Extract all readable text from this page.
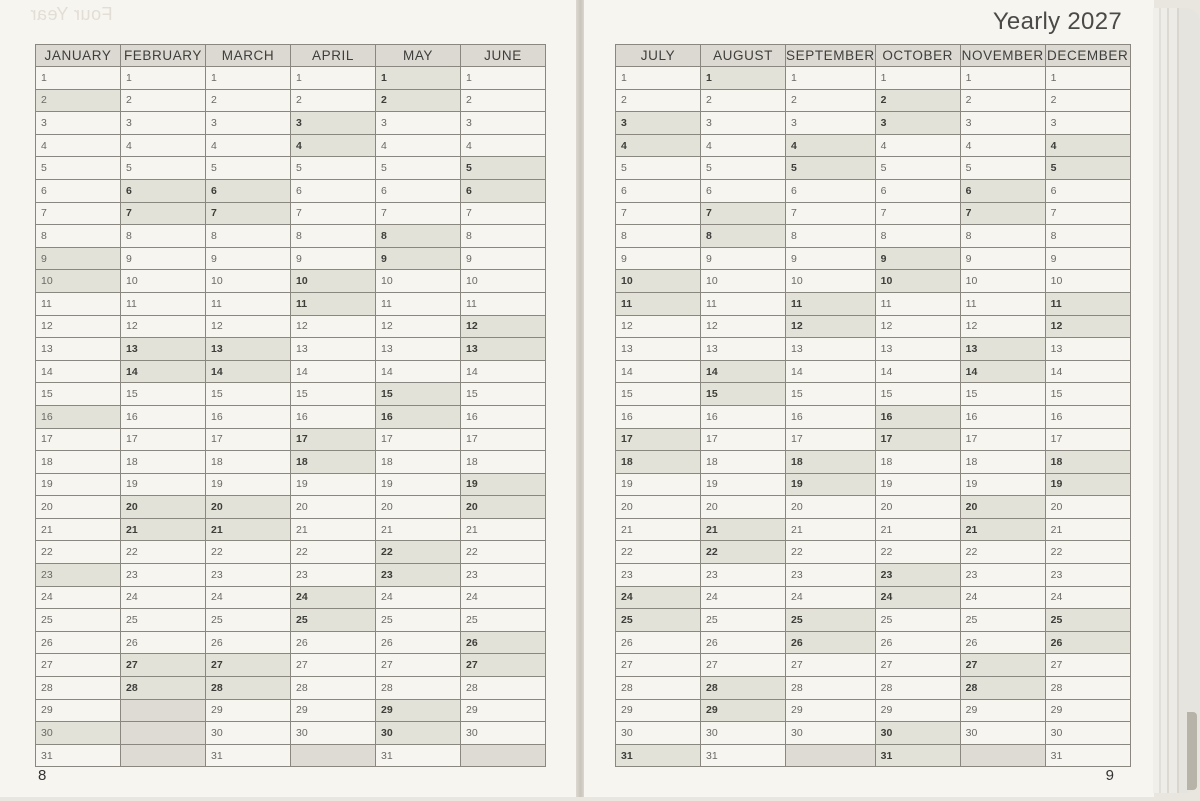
Four Year
JANUARY	FEBRUARY	MARCH	APRIL	MAY	JUNE
1	1	1	1	1	1
2	2	2	2	2	2
3	3	3	3	3	3
4	4	4	4	4	4
5	5	5	5	5	5
6	6	6	6	6	6
7	7	7	7	7	7
8	8	8	8	8	8
9	9	9	9	9	9
10	10	10	10	10	10
11	11	11	11	11	11
12	12	12	12	12	12
13	13	13	13	13	13
14	14	14	14	14	14
15	15	15	15	15	15
16	16	16	16	16	16
17	17	17	17	17	17
18	18	18	18	18	18
19	19	19	19	19	19
20	20	20	20	20	20
21	21	21	21	21	21
22	22	22	22	22	22
23	23	23	23	23	23
24	24	24	24	24	24
25	25	25	25	25	25
26	26	26	26	26	26
27	27	27	27	27	27
28	28	28	28	28	28
29		29	29	29	29
30		30	30	30	30
31		31		31	
8
Yearly 2027
JULY	AUGUST	SEPTEMBER	OCTOBER	NOVEMBER	DECEMBER
1	1	1	1	1	1
2	2	2	2	2	2
3	3	3	3	3	3
4	4	4	4	4	4
5	5	5	5	5	5
6	6	6	6	6	6
7	7	7	7	7	7
8	8	8	8	8	8
9	9	9	9	9	9
10	10	10	10	10	10
11	11	11	11	11	11
12	12	12	12	12	12
13	13	13	13	13	13
14	14	14	14	14	14
15	15	15	15	15	15
16	16	16	16	16	16
17	17	17	17	17	17
18	18	18	18	18	18
19	19	19	19	19	19
20	20	20	20	20	20
21	21	21	21	21	21
22	22	22	22	22	22
23	23	23	23	23	23
24	24	24	24	24	24
25	25	25	25	25	25
26	26	26	26	26	26
27	27	27	27	27	27
28	28	28	28	28	28
29	29	29	29	29	29
30	30	30	30	30	30
31	31		31		31
9
